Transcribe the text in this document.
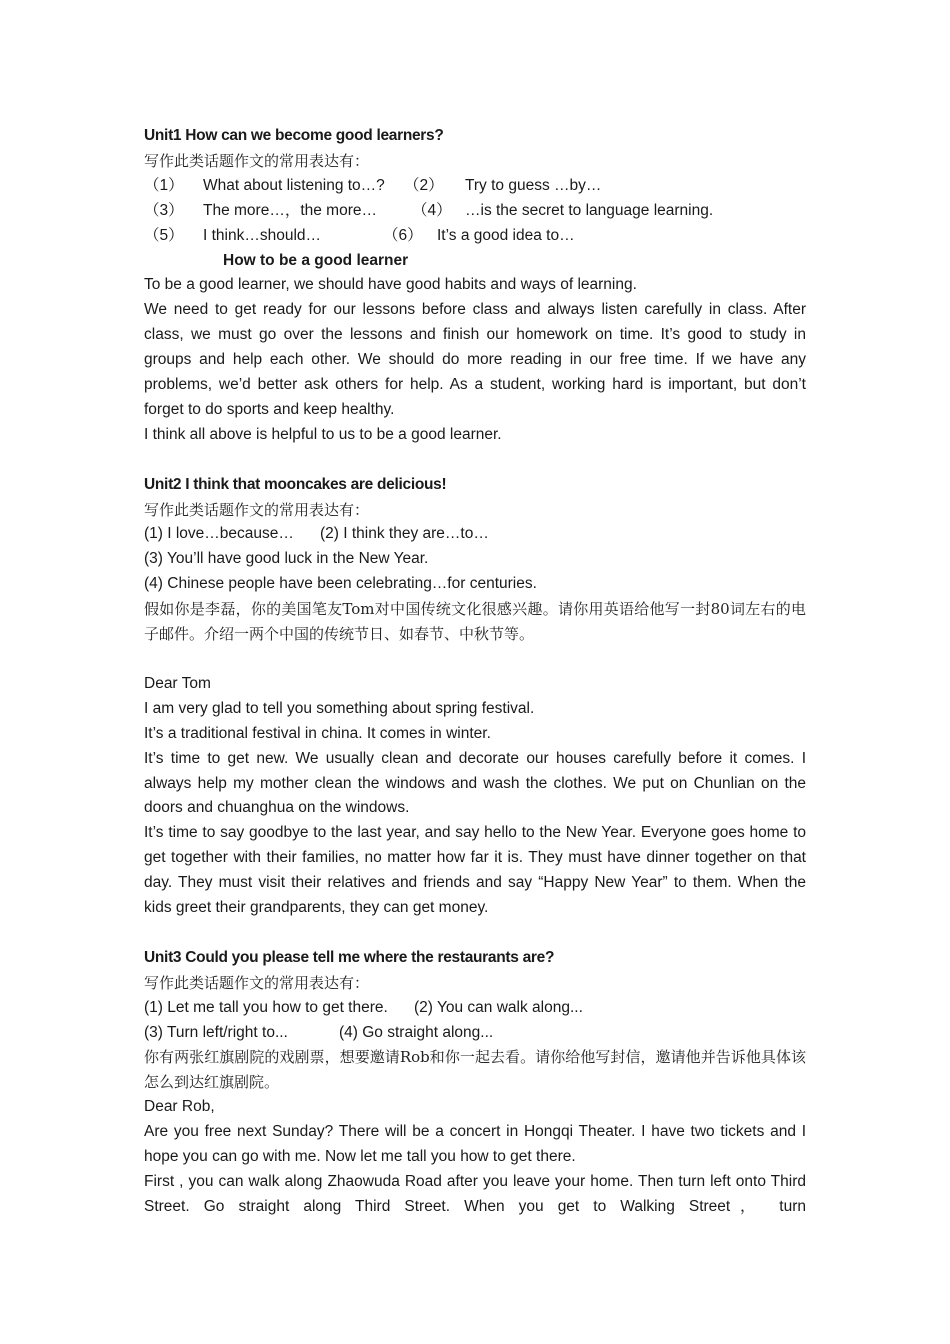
Unit1 How can we become good learners?
写作此类话题作文的常用表达有：
（1） What about listening to…? （2） Try to guess …by…
（3） The more…，the more… （4） …is the secret to language learning.
（5） I think…should…	（6） It’s a good idea to…
How to be a good learner
To be a good learner, we should have good habits and ways of learning.
We need to get ready for our lessons before class and always listen carefully in class. After class, we must go over the lessons and finish our homework on time. It’s good to study in groups and help each other. We should do more reading in our free time. If we have any problems, we’d better ask others for help. As a student, working hard is important, but don’t forget to do sports and keep healthy.
I think all above is helpful to us to be a good learner.
Unit2 I think that mooncakes are delicious!
写作此类话题作文的常用表达有：
(1) I love…because… (2) I think they are…to…
(3) You’ll have good luck in the New Year.
(4) Chinese people have been celebrating…for centuries.
假如你是李磊，你的美国笔友Tom对中国传统文化很感兴趣。请你用英语给他写一封80词左右的电子邮件。介绍一两个中国的传统节日、如春节、中秋节等。
Dear Tom
I am very glad to tell you something about spring festival.
It’s a traditional festival in china. It comes in winter.
It’s time to get new. We usually clean and decorate our houses carefully before it comes. I always help my mother clean the windows and wash the clothes. We put on Chunlian on the doors and chuanghua on the windows.
It’s time to say goodbye to the last year, and say hello to the New Year. Everyone goes home to get together with their families, no matter how far it is. They must have dinner together on that day. They must visit their relatives and friends and say “Happy New Year” to them. When the kids greet their grandparents, they can get money.
Unit3 Could you please tell me where the restaurants are?
写作此类话题作文的常用表达有：
(1) Let me tall you how to get there. (2) You can walk along...
(3) Turn left/right to...	(4) Go straight along...
你有两张红旗剧院的戏剧票，想要邀请Rob和你一起去看。请你给他写封信，邀请他并告诉他具体该怎么到达红旗剧院。
Dear Rob,
Are you free next Sunday? There will be a concert in Hongqi Theater. I have two tickets and I hope you can go with me. Now let me tall you how to get there.
First , you can walk along Zhaowuda Road after you leave your home. Then turn left onto Third Street. Go straight along Third Street. When you get to Walking Street， turn
